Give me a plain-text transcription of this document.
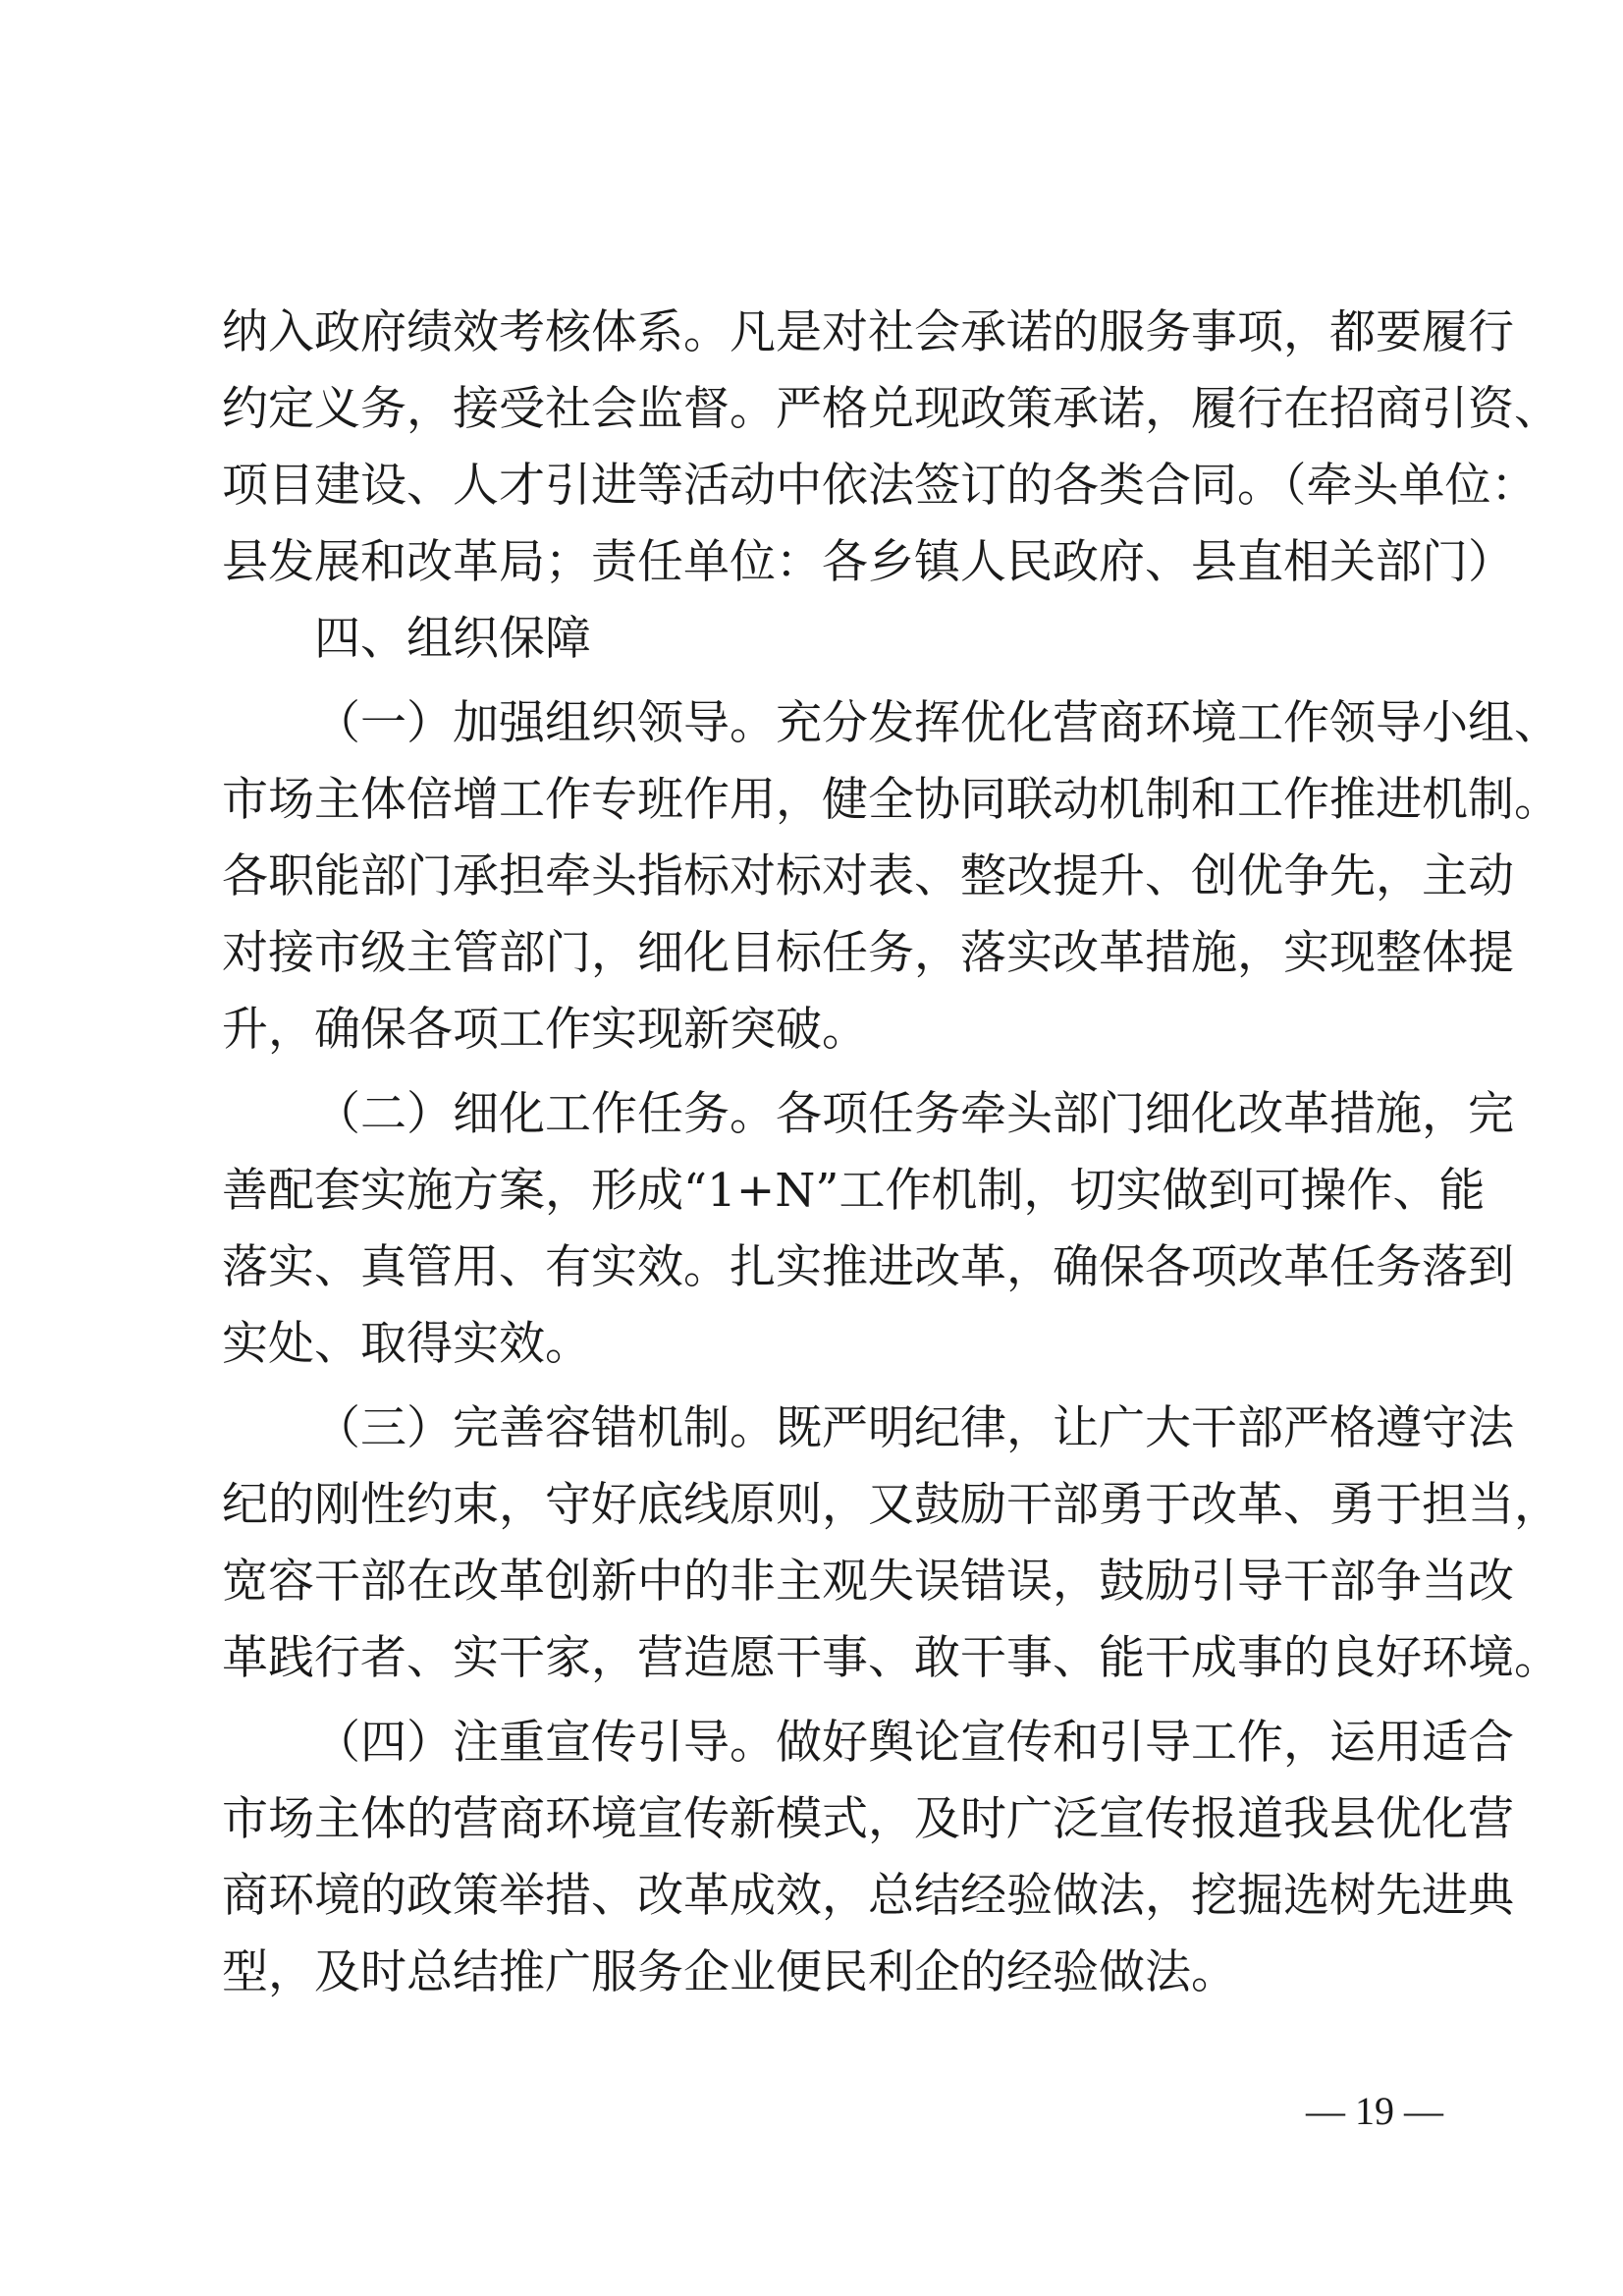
纳入政府绩效考核体系。凡是对社会承诺的服务事项，都要履行
约定义务，接受社会监督。严格兑现政策承诺，履行在招商引资、
项目建设、人才引进等活动中依法签订的各类合同。（牵头单位：
县发展和改革局；责任单位：各乡镇人民政府、县直相关部门）
四、组织保障
（一）加强组织领导。充分发挥优化营商环境工作领导小组、
市场主体倍增工作专班作用，健全协同联动机制和工作推进机制。
各职能部门承担牵头指标对标对表、整改提升、创优争先，主动
对接市级主管部门，细化目标任务，落实改革措施，实现整体提
升，确保各项工作实现新突破。
（二）细化工作任务。各项任务牵头部门细化改革措施，完
善配套实施方案，形成“1+N”工作机制，切实做到可操作、能
落实、真管用、有实效。扎实推进改革，确保各项改革任务落到
实处、取得实效。
（三）完善容错机制。既严明纪律，让广大干部严格遵守法
纪的刚性约束，守好底线原则，又鼓励干部勇于改革、勇于担当，
宽容干部在改革创新中的非主观失误错误，鼓励引导干部争当改
革践行者、实干家，营造愿干事、敢干事、能干成事的良好环境。
（四）注重宣传引导。做好舆论宣传和引导工作，运用适合
市场主体的营商环境宣传新模式，及时广泛宣传报道我县优化营
商环境的政策举措、改革成效，总结经验做法，挖掘选树先进典
型，及时总结推广服务企业便民利企的经验做法。
— 19 —
